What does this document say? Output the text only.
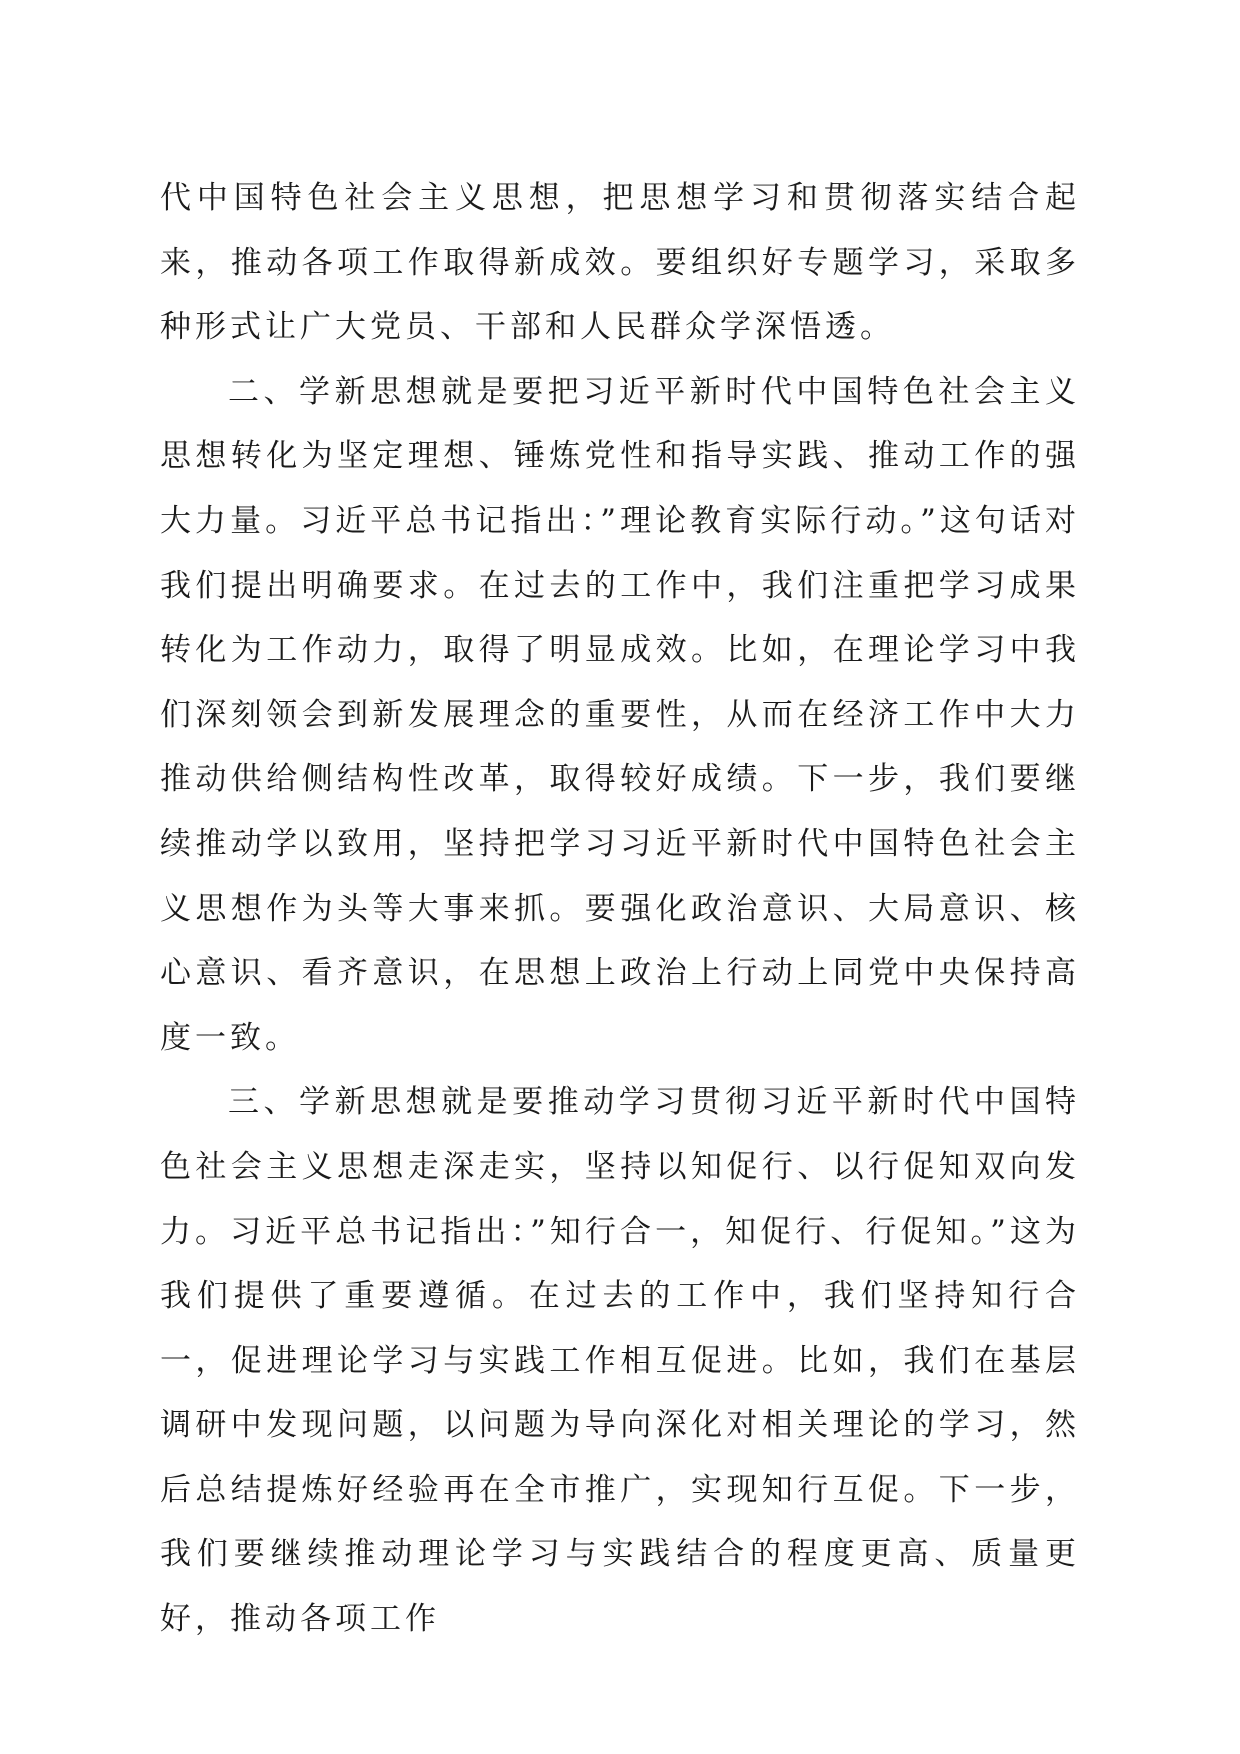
代中国特色社会主义思想，把思想学习和贯彻落实结合起来，推动各项工作取得新成效。要组织好专题学习，采取多种形式让广大党员、干部和人民群众学深悟透。

二、学新思想就是要把习近平新时代中国特色社会主义思想转化为坚定理想、锤炼党性和指导实践、推动工作的强大力量。习近平总书记指出：”理论教育实际行动。”这句话对我们提出明确要求。在过去的工作中，我们注重把学习成果转化为工作动力，取得了明显成效。比如，在理论学习中我们深刻领会到新发展理念的重要性，从而在经济工作中大力推动供给侧结构性改革，取得较好成绩。下一步，我们要继续推动学以致用，坚持把学习习近平新时代中国特色社会主义思想作为头等大事来抓。要强化政治意识、大局意识、核心意识、看齐意识，在思想上政治上行动上同党中央保持高度一致。

三、学新思想就是要推动学习贯彻习近平新时代中国特色社会主义思想走深走实，坚持以知促行、以行促知双向发力。习近平总书记指出：”知行合一，知促行、行促知。”这为我们提供了重要遵循。在过去的工作中，我们坚持知行合一，促进理论学习与实践工作相互促进。比如，我们在基层调研中发现问题，以问题为导向深化对相关理论的学习，然后总结提炼好经验再在全市推广，实现知行互促。下一步，我们要继续推动理论学习与实践结合的程度更高、质量更好，推动各项工作
